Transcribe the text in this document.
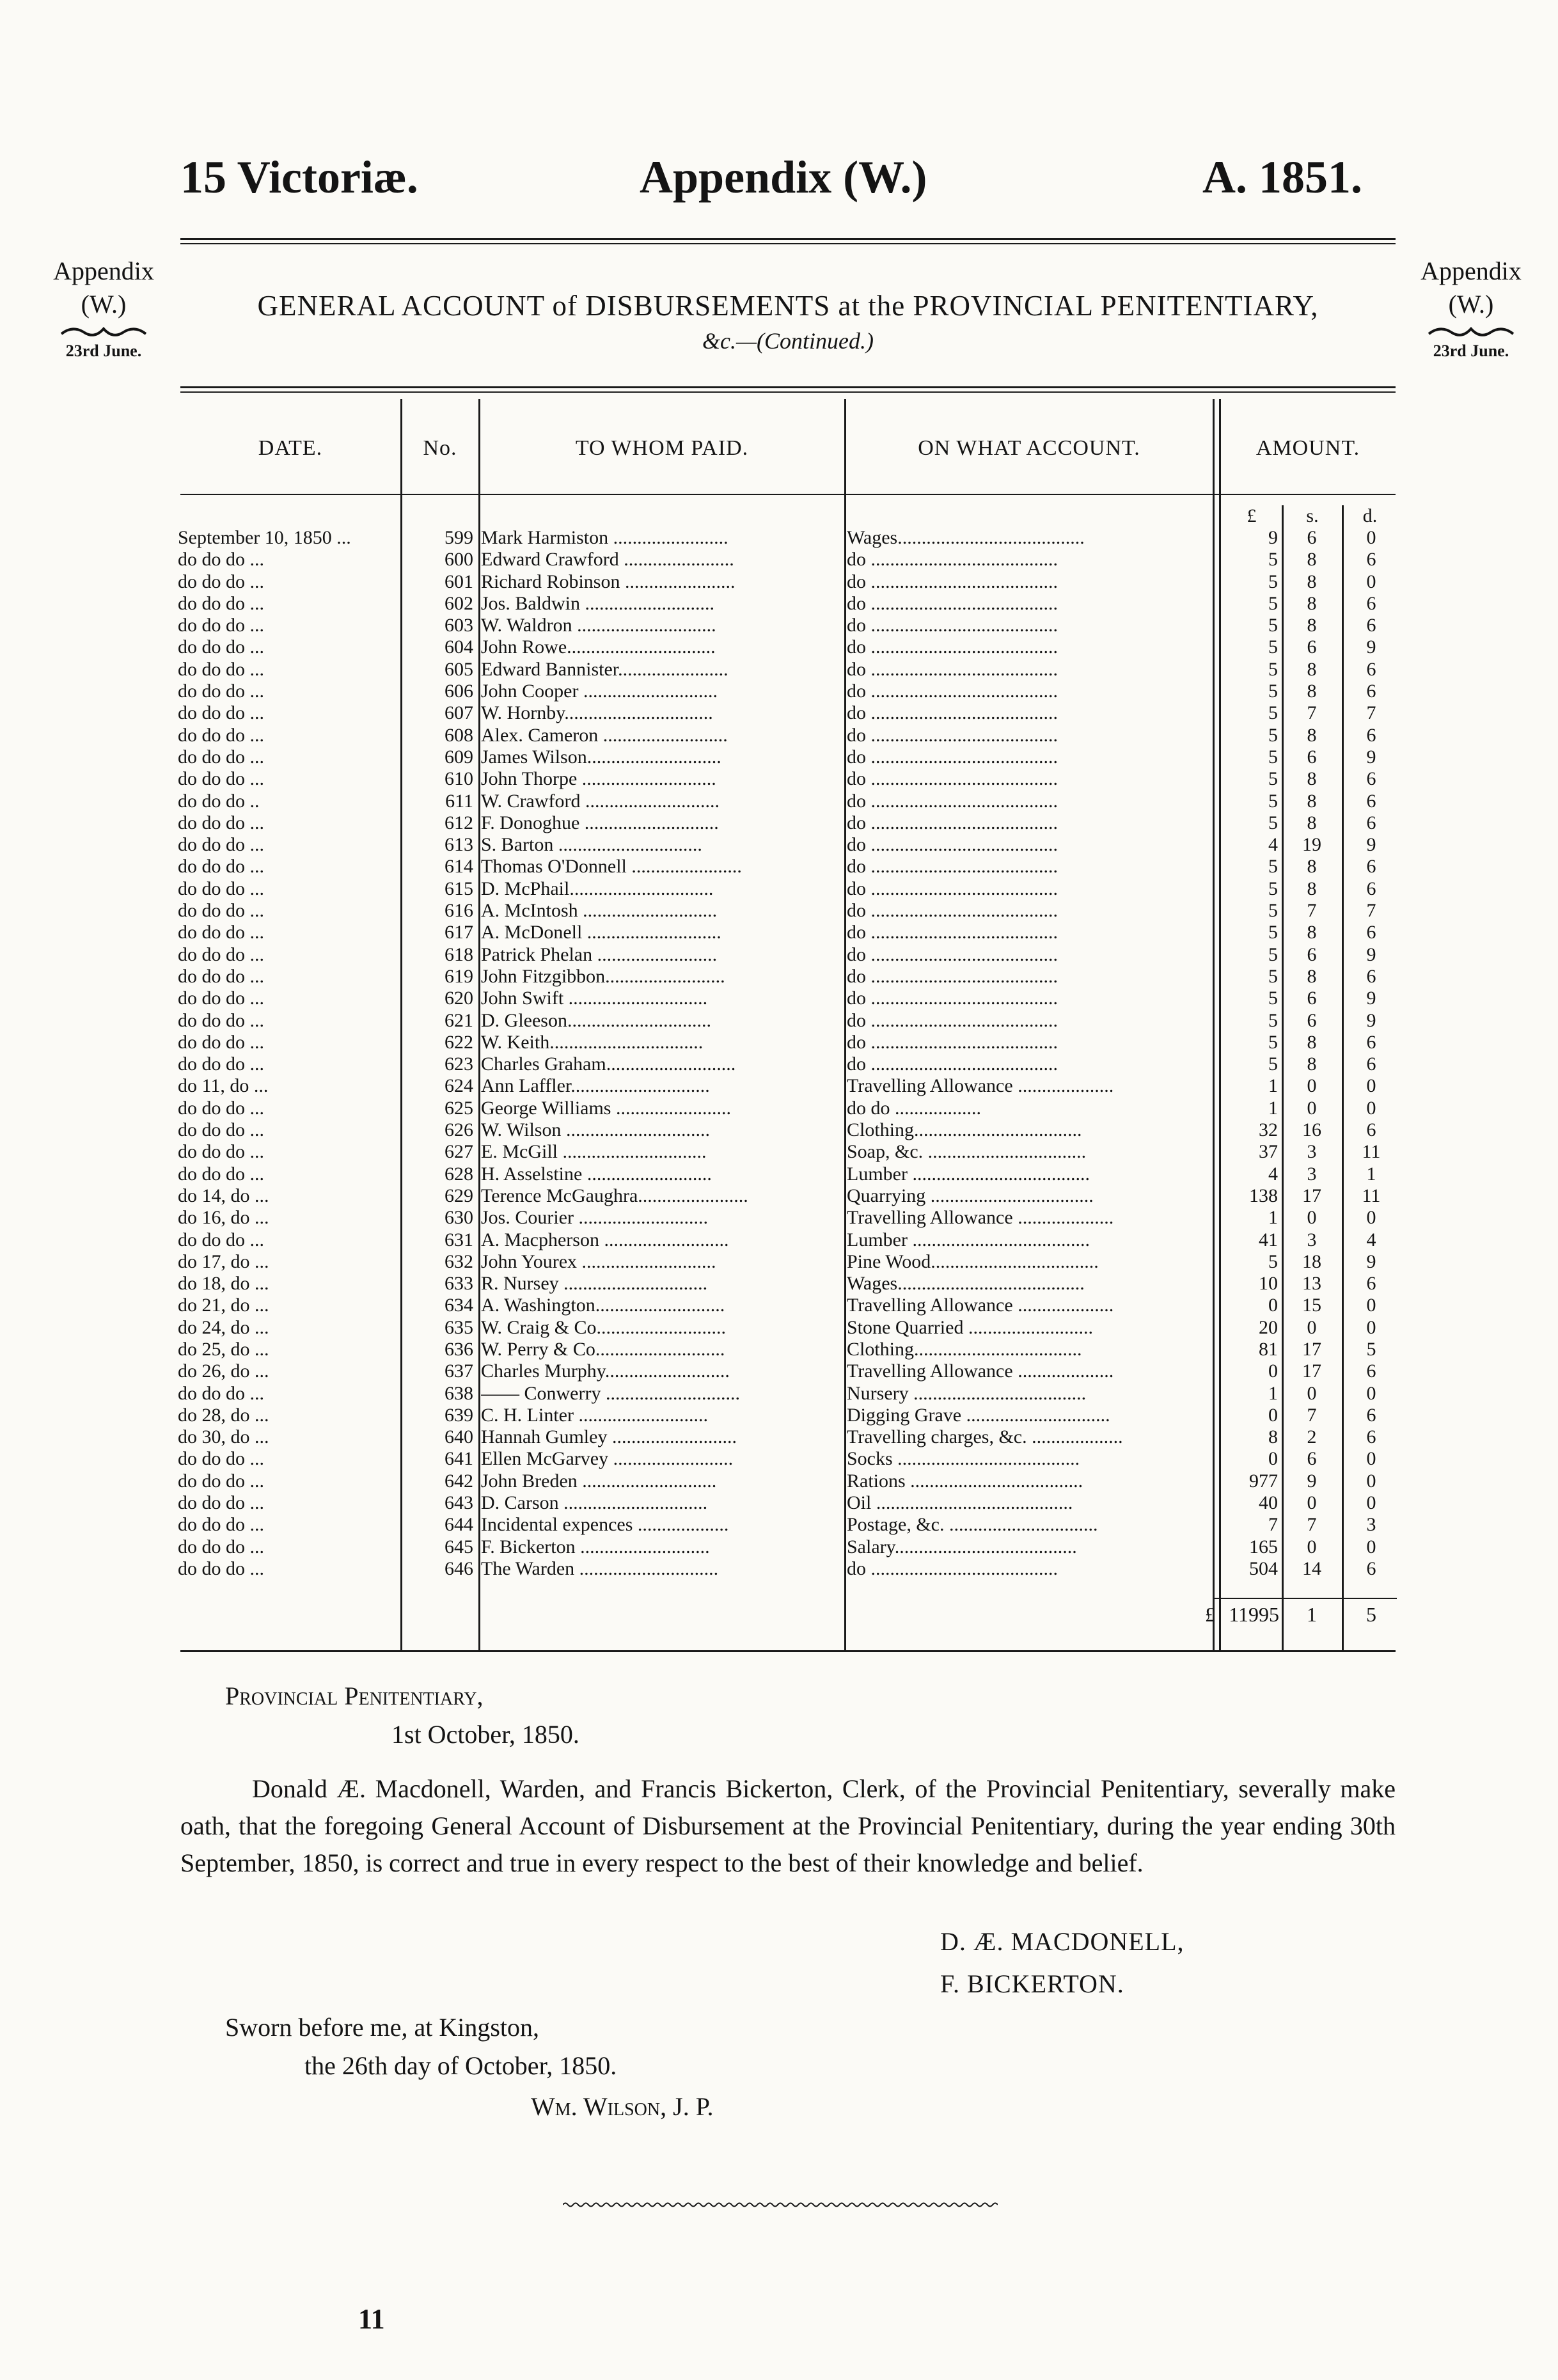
15 Victoriæ.	Appendix (W.)	A. 1851.
Appendix
(W.)
23rd June.
Appendix
(W.)
23rd June.
GENERAL ACCOUNT of DISBURSEMENTS at the PROVINCIAL PENITENTIARY,
&c.—(Continued.)
DATE.	No.	TO WHOM PAID.	ON WHAT ACCOUNT.	AMOUNT.
£	s.	d.
September 10, 1850 ...	599 Mark Harmiston ........................	Wages.......................................	9	6	0
do do do ...	600 Edward Crawford .......................	do .......................................	5	8	6
do do do ...	601 Richard Robinson .......................	do .......................................	5	8	0
do do do ...	602 Jos. Baldwin ...........................	do .......................................	5	8	6
do do do ...	603 W. Waldron .............................	do .......................................	5	8	6
do do do ...	604 John Rowe...............................	do .......................................	5	6	9
do do do ...	605 Edward Bannister.......................	do .......................................	5	8	6
do do do ...	606 John Cooper ............................	do .......................................	5	8	6
do do do ...	607 W. Hornby...............................	do .......................................	5	7	7
do do do ...	608 Alex. Cameron ..........................	do .......................................	5	8	6
do do do ...	609 James Wilson............................	do .......................................	5	6	9
do do do ...	610 John Thorpe ............................	do .......................................	5	8	6
do do do ..	611 W. Crawford ............................	do .......................................	5	8	6
do do do ...	612 F. Donoghue ............................	do .......................................	5	8	6
do do do ...	613 S. Barton ..............................	do .......................................	4	19	9
do do do ...	614 Thomas O'Donnell .......................	do .......................................	5	8	6
do do do ...	615 D. McPhail..............................	do .......................................	5	8	6
do do do ...	616 A. McIntosh ............................	do .......................................	5	7	7
do do do ...	617 A. McDonell ............................	do .......................................	5	8	6
do do do ...	618 Patrick Phelan .........................	do .......................................	5	6	9
do do do ...	619 John Fitzgibbon.........................	do .......................................	5	8	6
do do do ...	620 John Swift .............................	do .......................................	5	6	9
do do do ...	621 D. Gleeson..............................	do .......................................	5	6	9
do do do ...	622 W. Keith................................	do .......................................	5	8	6
do do do ...	623 Charles Graham...........................	do .......................................	5	8	6
do 11, do ...	624 Ann Laffler.............................	Travelling Allowance ....................	1	0	0
do do do ...	625 George Williams ........................	do do ..................	1	0	0
do do do ...	626 W. Wilson ..............................	Clothing...................................	32	16	6
do do do ...	627 E. McGill ..............................	Soap, &c. .................................	37	3	11
do do do ...	628 H. Asselstine ..........................	Lumber .....................................	4	3	1
do 14, do ...	629 Terence McGaughra.......................	Quarrying ..................................	138	17	11
do 16, do ...	630 Jos. Courier ...........................	Travelling Allowance ....................	1	0	0
do do do ...	631 A. Macpherson ..........................	Lumber .....................................	41	3	4
do 17, do ...	632 John Yourex ............................	Pine Wood...................................	5	18	9
do 18, do ...	633 R. Nursey ..............................	Wages.......................................	10	13	6
do 21, do ...	634 A. Washington...........................	Travelling Allowance ....................	0	15	0
do 24, do ...	635 W. Craig & Co...........................	Stone Quarried ..........................	20	0	0
do 25, do ...	636 W. Perry & Co...........................	Clothing...................................	81	17	5
do 26, do ...	637 Charles Murphy..........................	Travelling Allowance ....................	0	17	6
do do do ...	638 —— Conwerry ............................	Nursery ....................................	1	0	0
do 28, do ...	639 C. H. Linter ...........................	Digging Grave ..............................	0	7	6
do 30, do ...	640 Hannah Gumley ..........................	Travelling charges, &c. ...................	8	2	6
do do do ...	641 Ellen McGarvey .........................	Socks ......................................	0	6	0
do do do ...	642 John Breden ............................	Rations ....................................	977	9	0
do do do ...	643 D. Carson ..............................	Oil .........................................	40	0	0
do do do ...	644 Incidental expences ...................	Postage, &c. ...............................	7	7	3
do do do ...	645 F. Bickerton ...........................	Salary......................................	165	0	0
do do do ...	646 The Warden .............................	do .......................................	504	14	6
£ 11995	1	5
Provincial Penitentiary,
1st October, 1850.
Donald Æ. Macdonell, Warden, and Francis Bickerton, Clerk, of the Provincial Penitentiary, severally make oath, that the foregoing General Account of Disbursement at the Provincial Penitentiary, during the year ending 30th September, 1850, is correct and true in every respect to the best of their knowledge and belief.
D. Æ. MACDONELL,
F. BICKERTON.
Sworn before me, at Kingston,
the 26th day of October, 1850.
Wm. Wilson, J. P.
11
